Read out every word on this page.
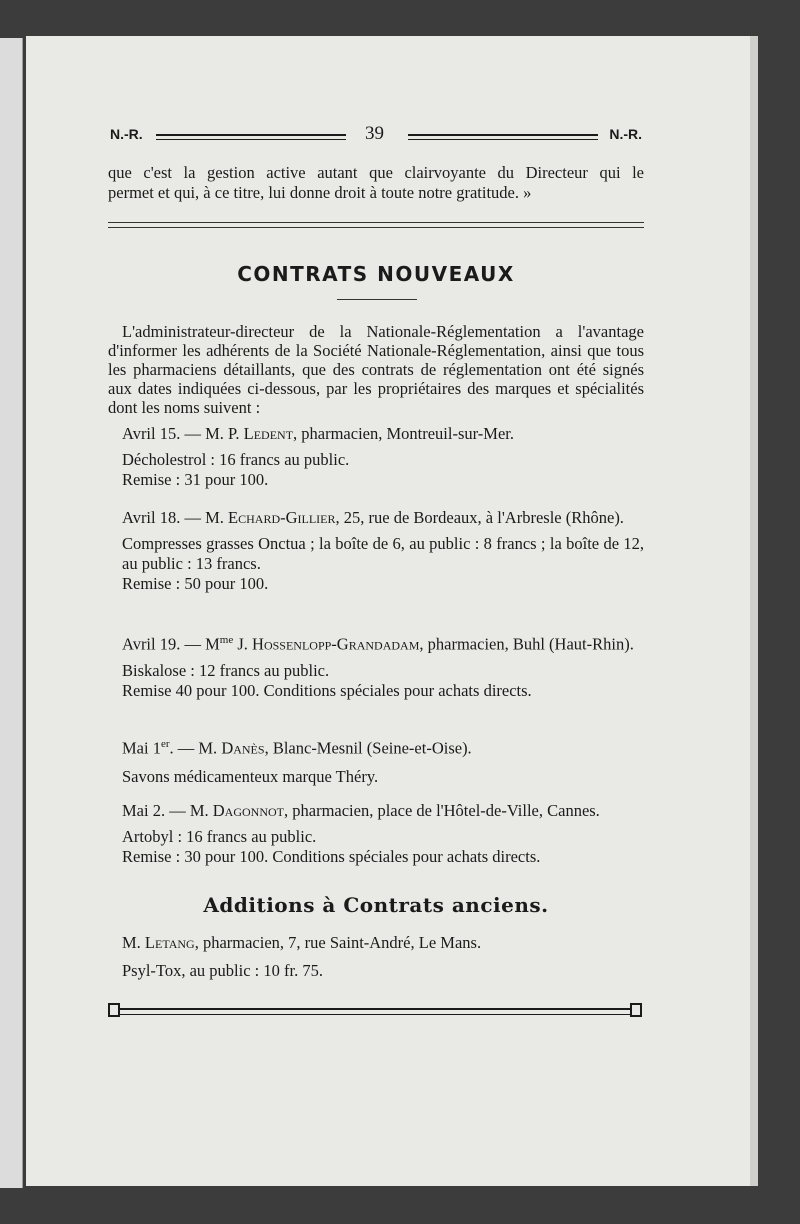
N.-R.	39	N.-R.
que c'est la gestion active autant que clairvoyante du Directeur qui le
permet et qui, à ce titre, lui donne droit à toute notre gratitude. »
CONTRATS NOUVEAUX
L'administrateur-directeur de la Nationale-Réglementation a l'avantage d'informer les adhérents de la Société Nationale-Réglementation, ainsi que tous les pharmaciens détaillants, que des contrats de réglementation ont été signés aux dates indiquées ci-dessous, par les propriétaires des marques et spécialités dont les noms suivent :
Avril 15. — M. P. Ledent, pharmacien, Montreuil-sur-Mer.
Décholestrol : 16 francs au public.
Remise : 31 pour 100.
Avril 18. — M. Echard-Gillier, 25, rue de Bordeaux, à l'Arbresle (Rhône).
Compresses grasses Onctua ; la boîte de 6, au public : 8 francs ; la boîte de 12, au public : 13 francs.
Remise : 50 pour 100.
Avril 19. — $M^{me}$ J. Hossenlopp-Grandadam, pharmacien, Buhl (Haut-Rhin).
Biskalose : 12 francs au public.
Remise 40 pour 100. Conditions spéciales pour achats directs.
Mai 1er. — M. Danès, Blanc-Mesnil (Seine-et-Oise).
Savons médicamenteux marque Théry.
Mai 2. — M. Dagonnot, pharmacien, place de l'Hôtel-de-Ville, Cannes.
Artobyl : 16 francs au public.
Remise : 30 pour 100. Conditions spéciales pour achats directs.
Additions à Contrats anciens.
M. Letang, pharmacien, 7, rue Saint-André, Le Mans.
Psyl-Tox, au public : 10 fr. 75.
